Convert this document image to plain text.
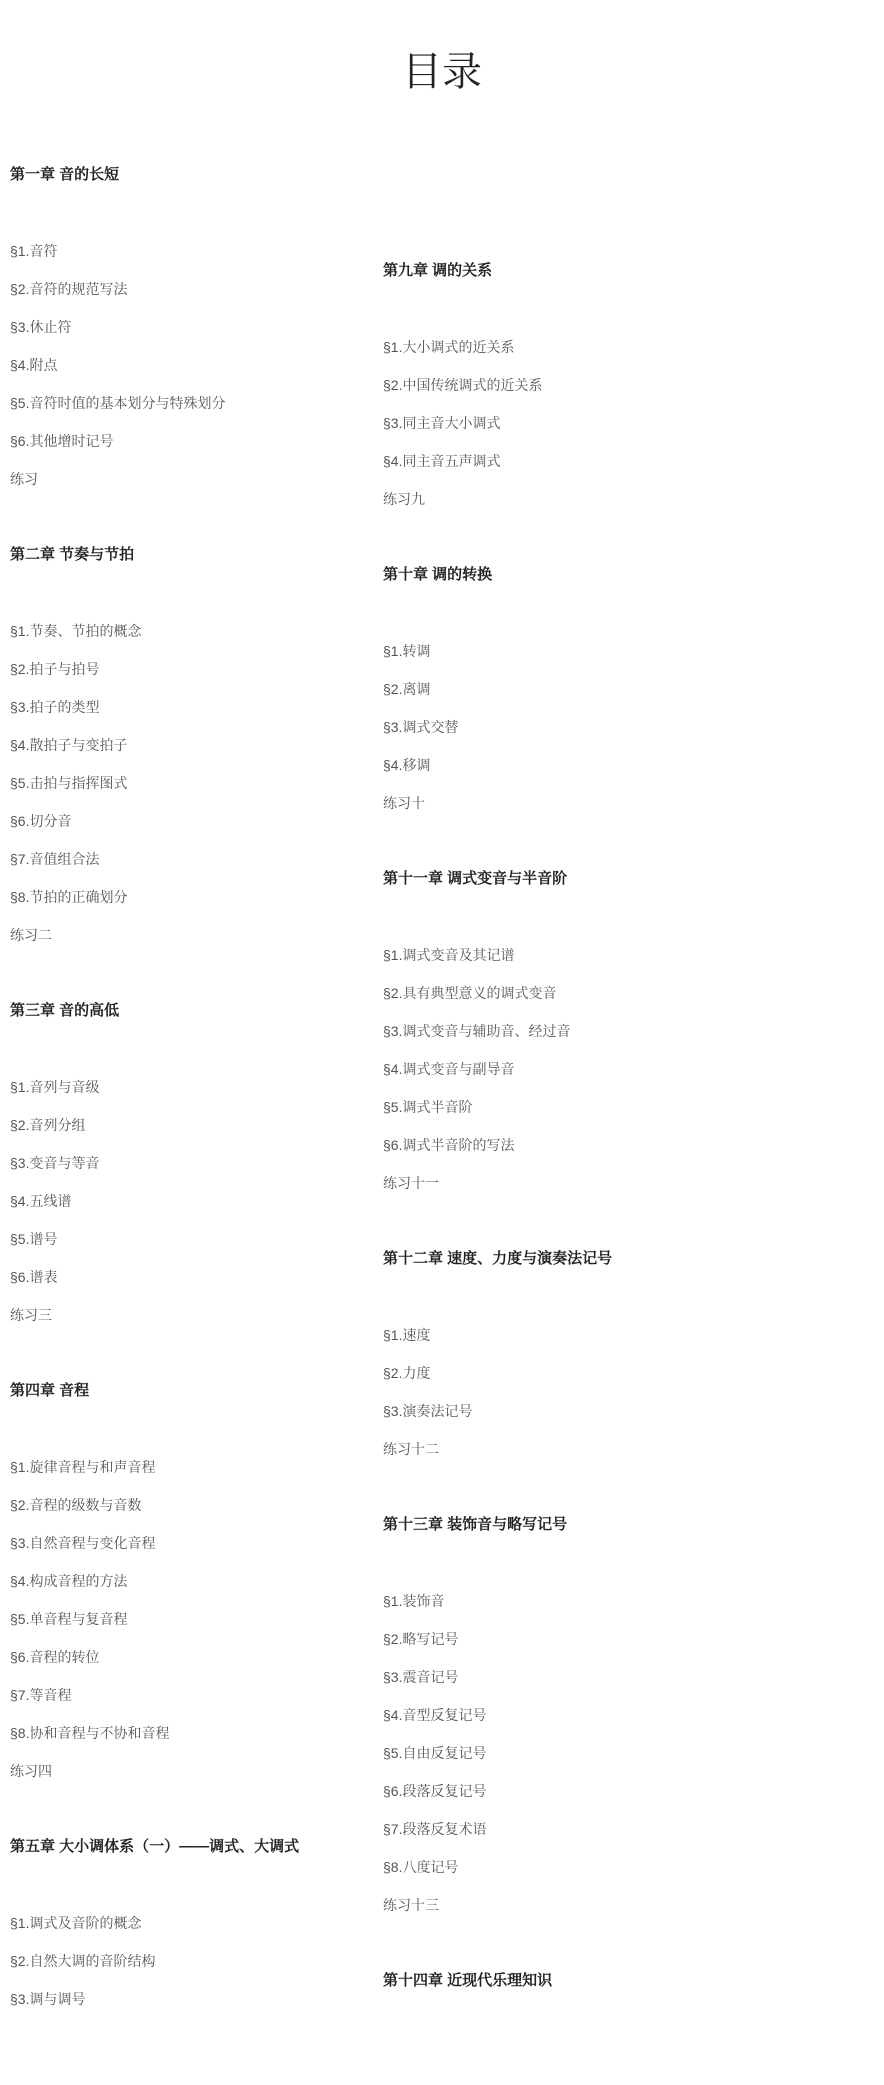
目录
第一章 音的长短
§1.音符
§2.音符的规范写法
§3.休止符
§4.附点
§5.音符时值的基本划分与特殊划分
§6.其他增时记号
练习
第二章 节奏与节拍
§1.节奏、节拍的概念
§2.拍子与拍号
§3.拍子的类型
§4.散拍子与变拍子
§5.击拍与指挥图式
§6.切分音
§7.音值组合法
§8.节拍的正确划分
练习二
第三章 音的高低
§1.音列与音级
§2.音列分组
§3.变音与等音
§4.五线谱
§5.谱号
§6.谱表
练习三
第四章 音程
§1.旋律音程与和声音程
§2.音程的级数与音数
§3.自然音程与变化音程
§4.构成音程的方法
§5.单音程与复音程
§6.音程的转位
§7.等音程
§8.协和音程与不协和音程
练习四
第五章 大小调体系（一）——调式、大调式
§1.调式及音阶的概念
§2.自然大调的音阶结构
§3.调与调号
第九章 调的关系
§1.大小调式的近关系
§2.中国传统调式的近关系
§3.同主音大小调式
§4.同主音五声调式
练习九
第十章 调的转换
§1.转调
§2.离调
§3.调式交替
§4.移调
练习十
第十一章 调式变音与半音阶
§1.调式变音及其记谱
§2.具有典型意义的调式变音
§3.调式变音与辅助音、经过音
§4.调式变音与副导音
§5.调式半音阶
§6.调式半音阶的写法
练习十一
第十二章 速度、力度与演奏法记号
§1.速度
§2.力度
§3.演奏法记号
练习十二
第十三章 装饰音与略写记号
§1.装饰音
§2.略写记号
§3.震音记号
§4.音型反复记号
§5.自由反复记号
§6.段落反复记号
§7.段落反复术语
§8.八度记号
练习十三
第十四章 近现代乐理知识
